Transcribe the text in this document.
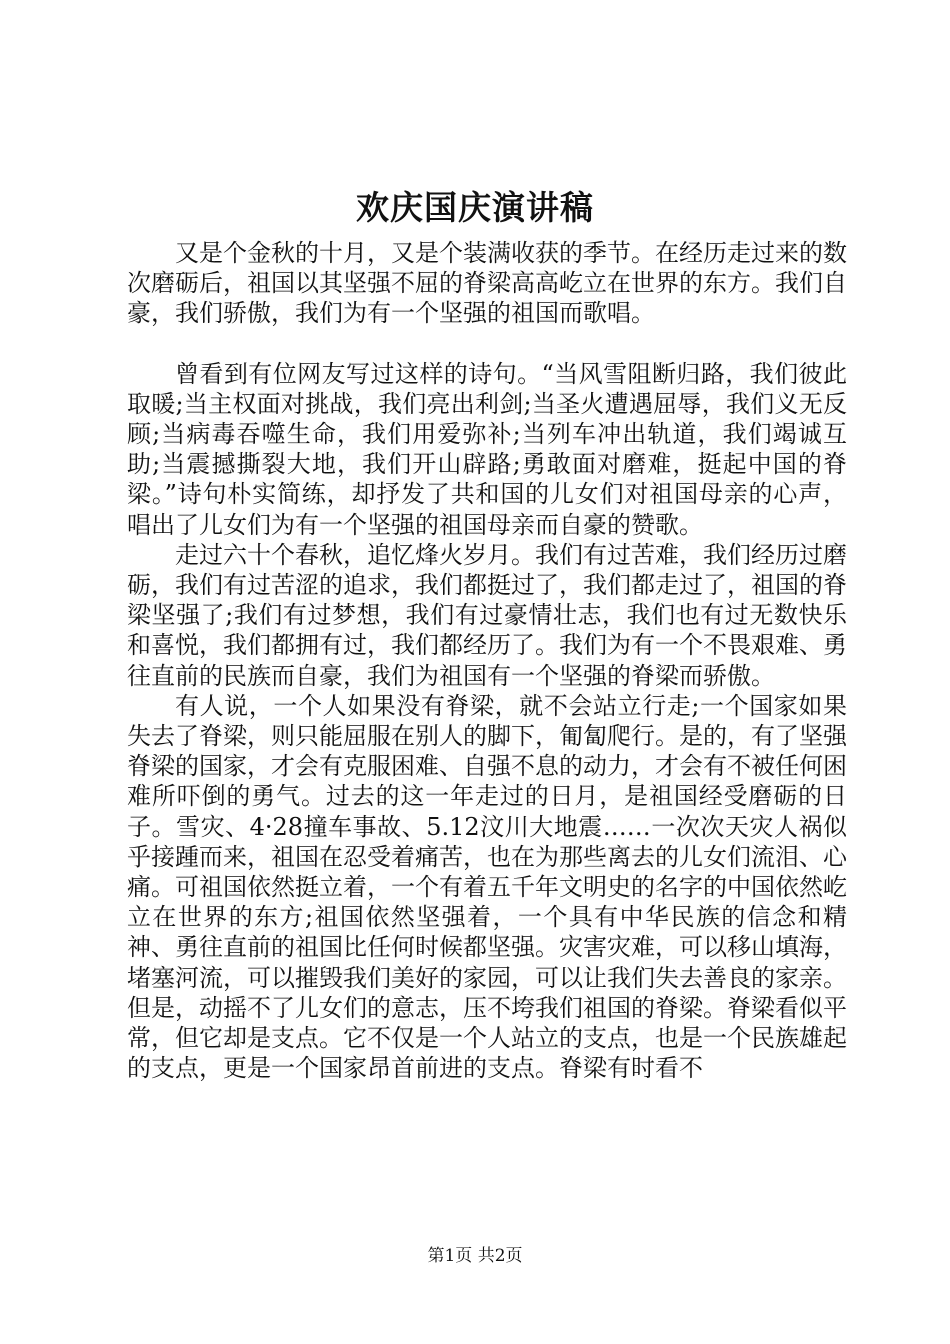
欢庆国庆演讲稿

又是个金秋的十月，又是个装满收获的季节。在经历走过来的数次磨砺后，祖国以其坚强不屈的脊梁高高屹立在世界的东方。我们自豪，我们骄傲，我们为有一个坚强的祖国而歌唱。

曾看到有位网友写过这样的诗句。“当风雪阻断归路，我们彼此取暖;当主权面对挑战，我们亮出利剑;当圣火遭遇屈辱，我们义无反顾;当病毒吞噬生命，我们用爱弥补;当列车冲出轨道，我们竭诚互助;当震撼撕裂大地，我们开山辟路;勇敢面对磨难，挺起中国的脊梁。”诗句朴实简练，却抒发了共和国的儿女们对祖国母亲的心声，唱出了儿女们为有一个坚强的祖国母亲而自豪的赞歌。

走过六十个春秋，追忆烽火岁月。我们有过苦难，我们经历过磨砺，我们有过苦涩的追求，我们都挺过了，我们都走过了，祖国的脊梁坚强了;我们有过梦想，我们有过豪情壮志，我们也有过无数快乐和喜悦，我们都拥有过，我们都经历了。我们为有一个不畏艰难、勇往直前的民族而自豪，我们为祖国有一个坚强的脊梁而骄傲。

有人说，一个人如果没有脊梁，就不会站立行走;一个国家如果失去了脊梁，则只能屈服在别人的脚下，匍匐爬行。是的，有了坚强脊梁的国家，才会有克服困难、自强不息的动力，才会有不被任何困难所吓倒的勇气。过去的这一年走过的日月，是祖国经受磨砺的日子。雪灾、4·28撞车事故、5.12汶川大地震……一次次天灾人祸似乎接踵而来，祖国在忍受着痛苦，也在为那些离去的儿女们流泪、心痛。可祖国依然挺立着，一个有着五千年文明史的名字的中国依然屹立在世界的东方;祖国依然坚强着，一个具有中华民族的信念和精神、勇往直前的祖国比任何时候都坚强。灾害灾难，可以移山填海，堵塞河流，可以摧毁我们美好的家园，可以让我们失去善良的家亲。但是，动摇不了儿女们的意志，压不垮我们祖国的脊梁。脊梁看似平常，但它却是支点。它不仅是一个人站立的支点，也是一个民族雄起的支点，更是一个国家昂首前进的支点。脊梁有时看不

第1页 共2页
